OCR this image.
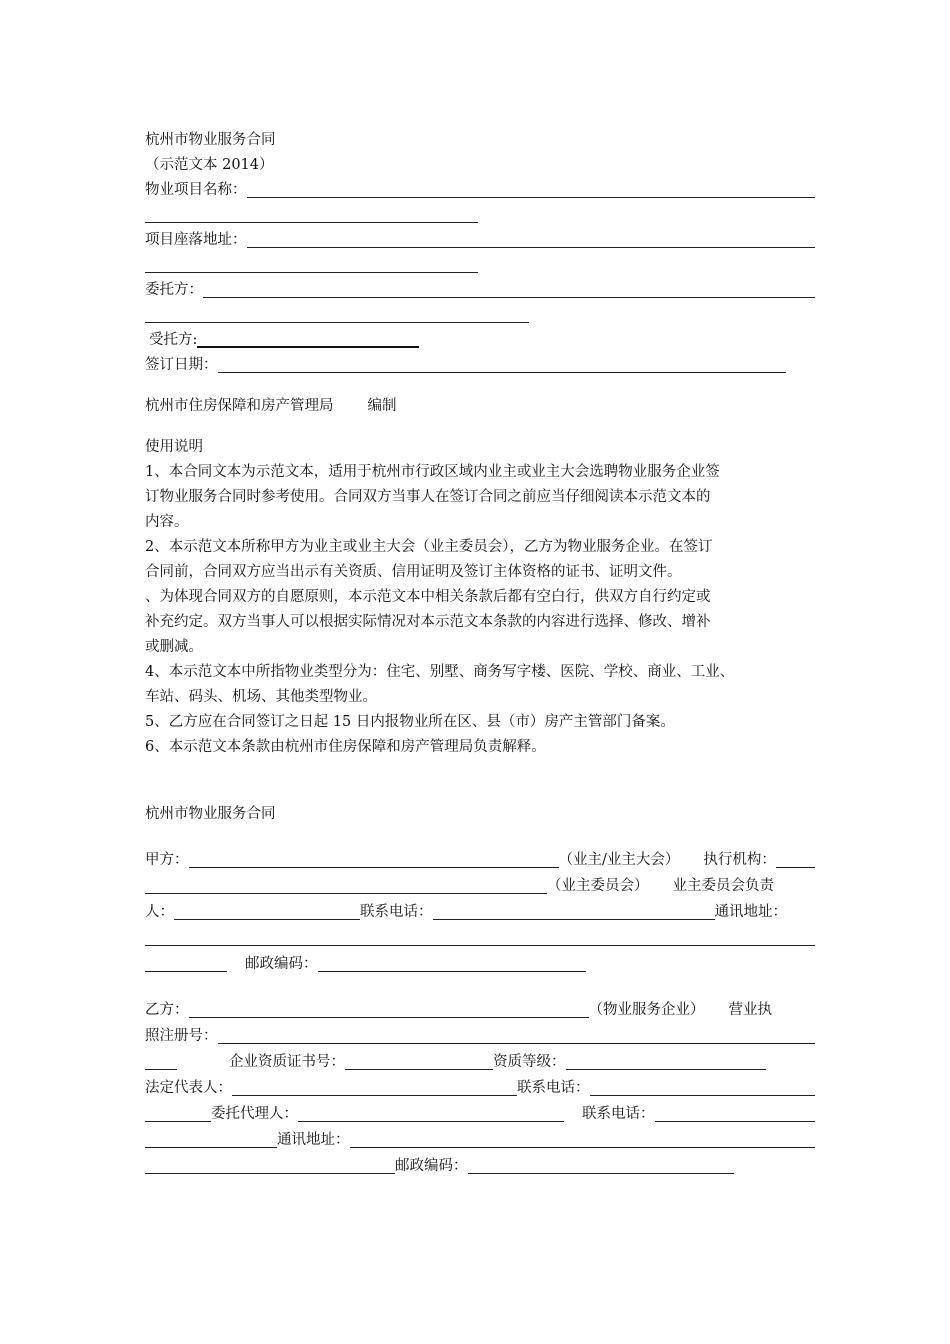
杭州市物业服务合同
（示范文本 2014）
物业项目名称：
项目座落地址：
委托方：
受托方:
签订日期：
杭州市住房保障和房产管理局 编制
使用说明
1、本合同文本为示范文本，适用于杭州市行政区域内业主或业主大会选聘物业服务企业签
订物业服务合同时参考使用。合同双方当事人在签订合同之前应当仔细阅读本示范文本的
内容。
2、本示范文本所称甲方为业主或业主大会（业主委员会），乙方为物业服务企业。在签订
合同前，合同双方应当出示有关资质、信用证明及签订主体资格的证书、证明文件。
、为体现合同双方的自愿原则，本示范文本中相关条款后都有空白行，供双方自行约定或
补充约定。双方当事人可以根据实际情况对本示范文本条款的内容进行选择、修改、增补
或删减。
4、本示范文本中所指物业类型分为：住宅、别墅、商务写字楼、医院、学校、商业、工业、
车站、码头、机场、其他类型物业。
5、乙方应在合同签订之日起 15 日内报物业所在区、县（市）房产主管部门备案。
6、本示范文本条款由杭州市住房保障和房产管理局负责解释。
杭州市物业服务合同
甲方：	（业主/业主大会） 执行机构：
（业主委员会） 业主委员会负责
人：	联系电话：	通讯地址：
邮政编码：
乙方：	（物业服务企业） 营业执
照注册号：
企业资质证书号：	资质等级：
法定代表人：	联系电话：
委托代理人：	联系电话：
通讯地址：
邮政编码：
